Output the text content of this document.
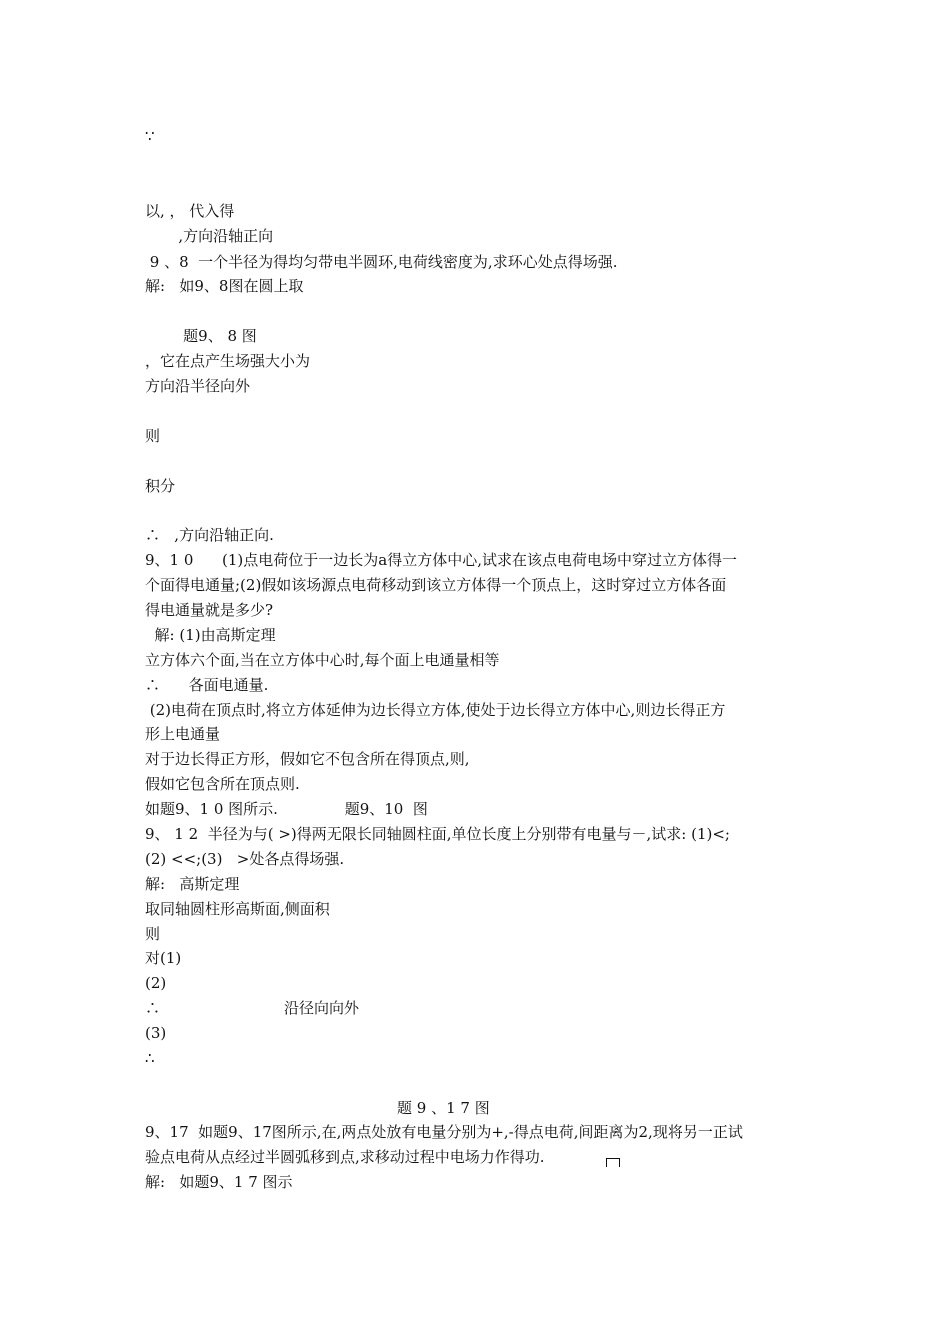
∵
以, ， 代入得
,方向沿轴正向
9 、8  一个半径为得均匀带电半圆环,电荷线密度为,求环心处点得场强.
解:   如9、8图在圆上取
题9、 8 图
，它在点产生场强大小为
方向沿半径向外
则
积分
∴   ,方向沿轴正向.
9、1 0      (1)点电荷位于一边长为a得立方体中心,试求在该点电荷电场中穿过立方体得一
个面得电通量;(2)假如该场源点电荷移动到该立方体得一个顶点上，这时穿过立方体各面
得电通量就是多少?
解: (1)由高斯定理
立方体六个面,当在立方体中心时,每个面上电通量相等
∴      各面电通量.
(2)电荷在顶点时,将立方体延伸为边长得立方体,使处于边长得立方体中心,则边长得正方
形上电通量
对于边长得正方形，假如它不包含所在得顶点,则,
假如它包含所在顶点则.
如题9、1 0 图所示.              题9、10  图
9、 1 2  半径为与( >)得两无限长同轴圆柱面,单位长度上分别带有电量与－,试求: (1)<;
(2) <<;(3)   >处各点得场强.
解:   高斯定理
取同轴圆柱形高斯面,侧面积
则
对(1)
(2)
∴                          沿径向向外
(3)
∴
题 9 、1 7 图
9、17  如题9、17图所示,在,两点处放有电量分别为+,-得点电荷,间距离为2,现将另一正试
验点电荷从点经过半圆弧移到点,求移动过程中电场力作得功.
解:   如题9、1 7 图示
